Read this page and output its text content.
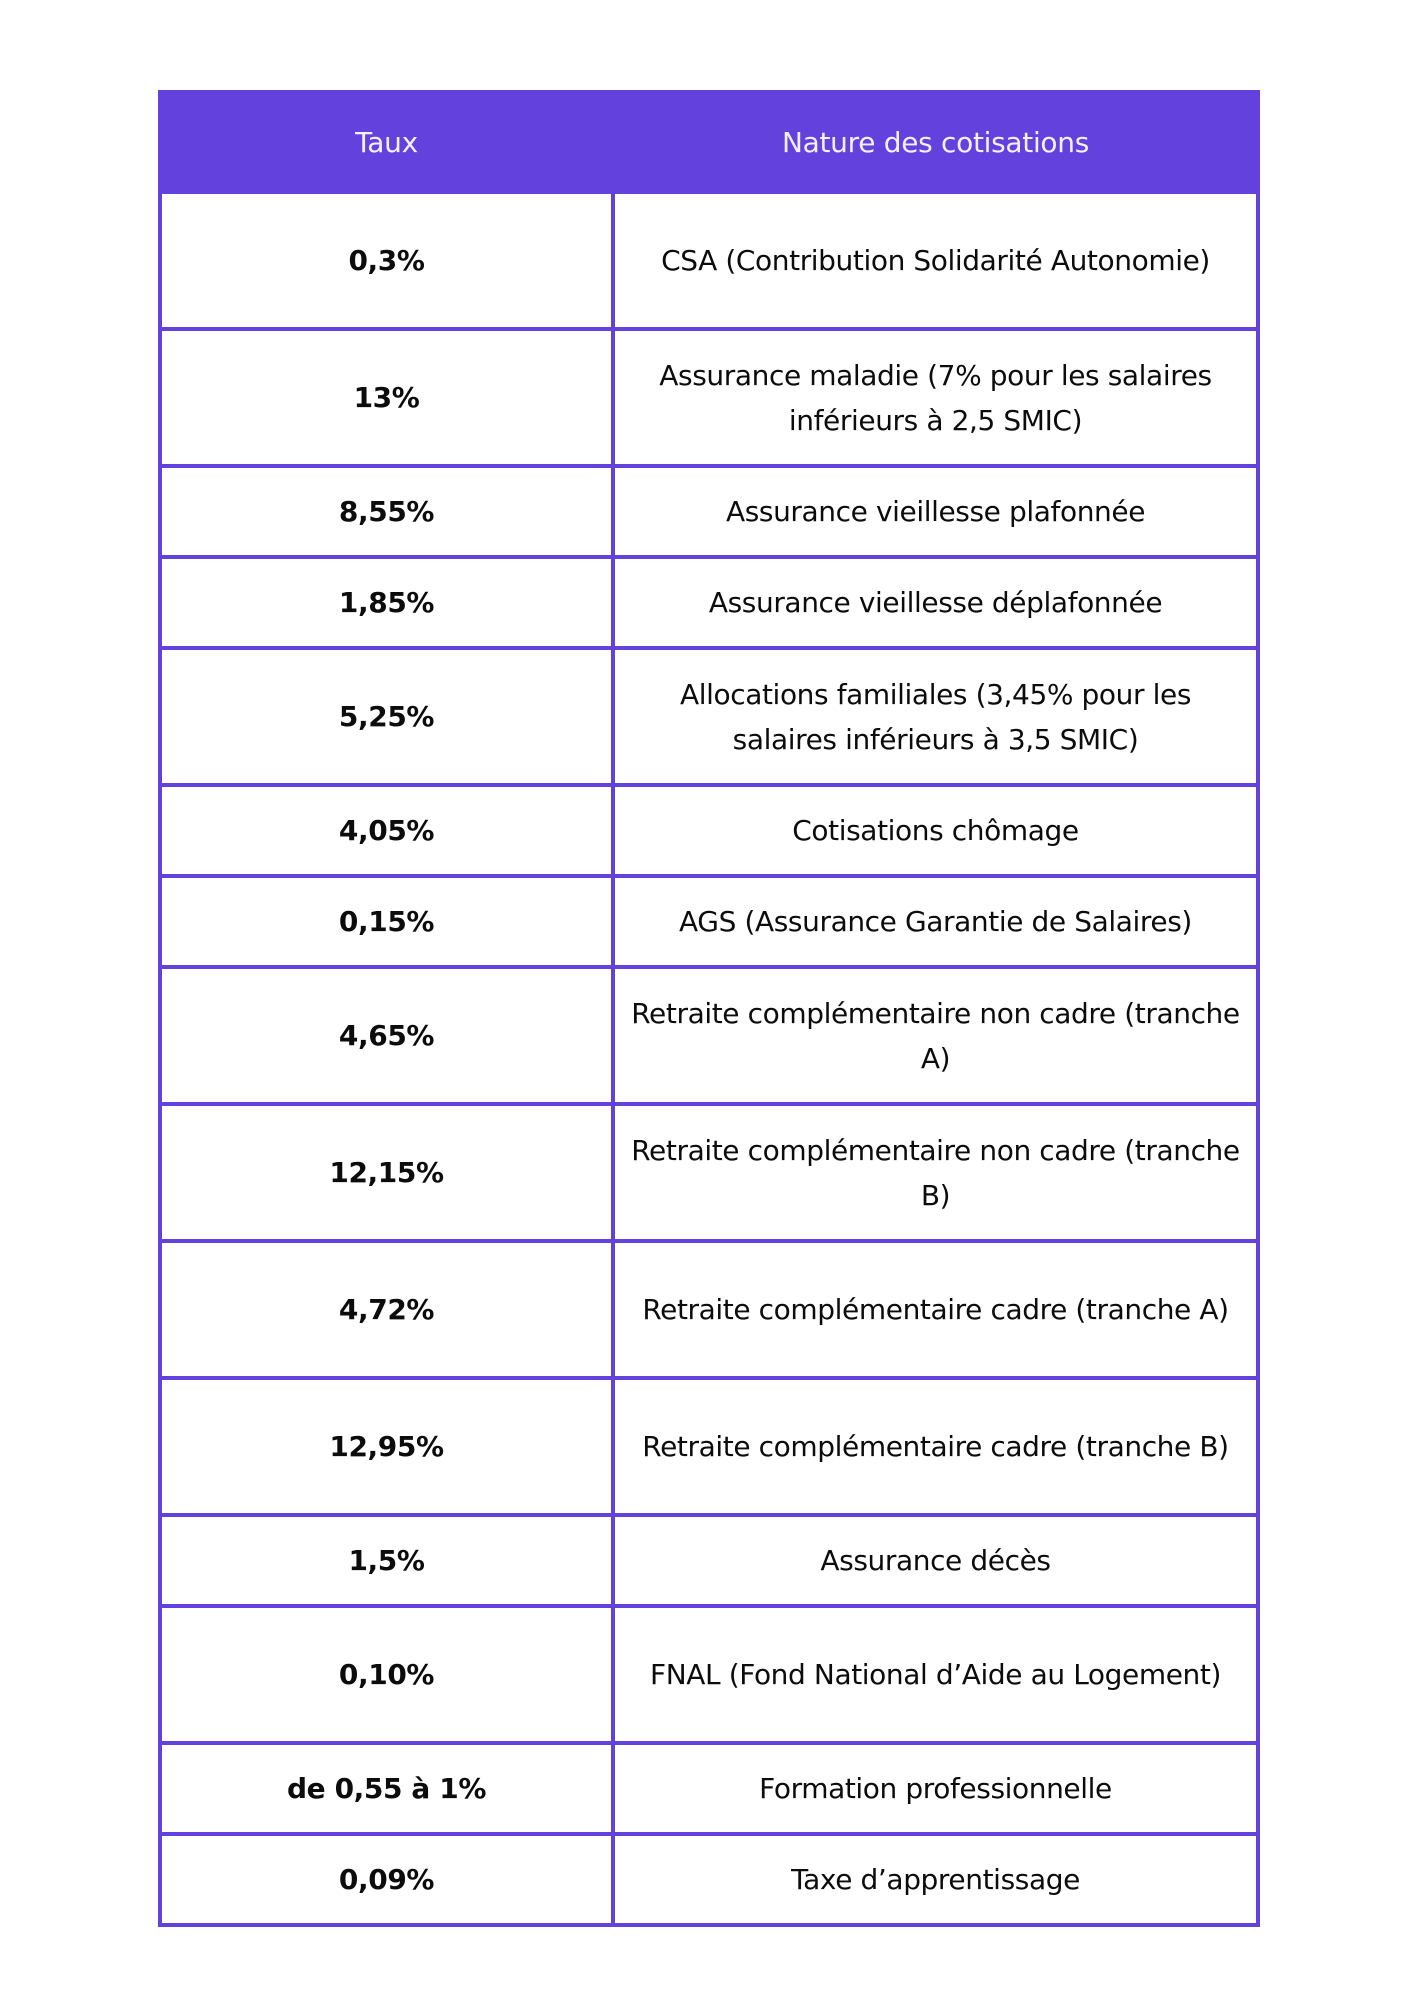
Taux	Nature des cotisations
0,3%	CSA (Contribution Solidarité Autonomie)
13%	Assurance maladie (7% pour les salaires inférieurs à 2,5 SMIC)
8,55%	Assurance vieillesse plafonnée
1,85%	Assurance vieillesse déplafonnée
5,25%	Allocations familiales (3,45% pour les salaires inférieurs à 3,5 SMIC)
4,05%	Cotisations chômage
0,15%	AGS (Assurance Garantie de Salaires)
4,65%	Retraite complémentaire non cadre (tranche A)
12,15%	Retraite complémentaire non cadre (tranche B)
4,72%	Retraite complémentaire cadre (tranche A)
12,95%	Retraite complémentaire cadre (tranche B)
1,5%	Assurance décès
0,10%	FNAL (Fond National d’Aide au Logement)
de 0,55 à 1%	Formation professionnelle
0,09%	Taxe d’apprentissage
